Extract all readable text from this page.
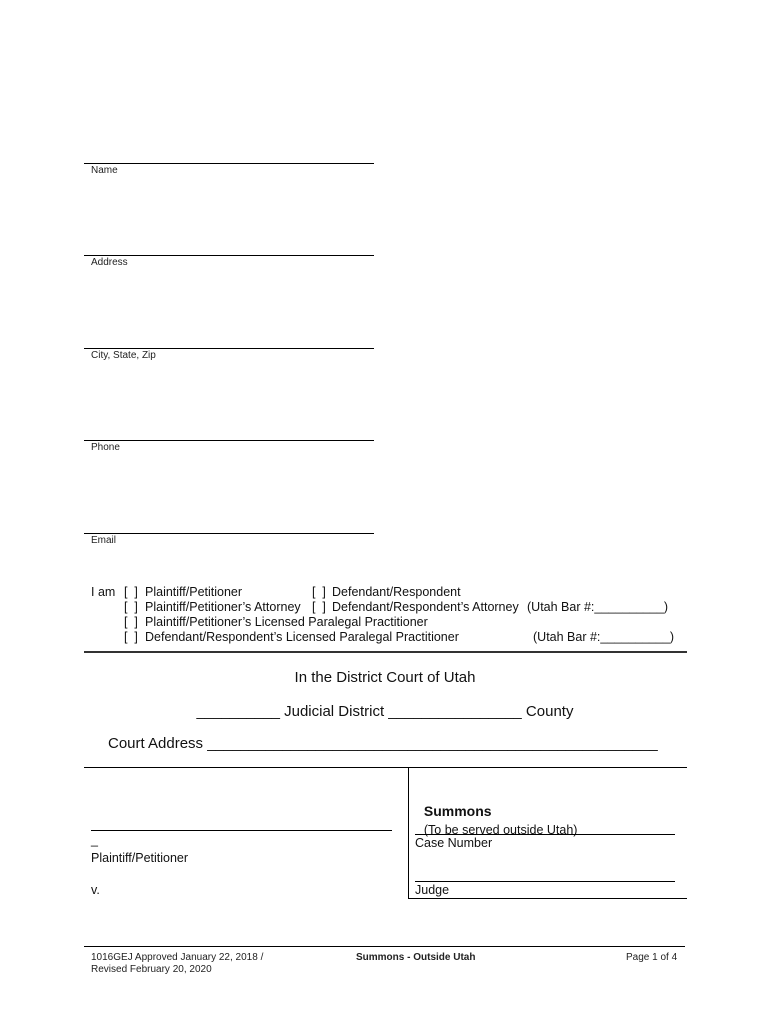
Name
Address
City, State, Zip
Phone
Email
I am [  ] Plaintiff/Petitioner	[  ] Defendant/Respondent
[  ] Plaintiff/Petitioner’s Attorney [  ] Defendant/Respondent’s Attorney (Utah Bar #:__________)
[  ] Plaintiff/Petitioner’s Licensed Paralegal Practitioner
[  ] Defendant/Respondent’s Licensed Paralegal Practitioner	(Utah Bar #:__________)
In the District Court of Utah
__________ Judicial District ________________ County
Court Address ______________________________________________________
_
Plaintiff/Petitioner
v.

Summons
(To be served outside Utah)

Case Number
Judge
1016GEJ Approved January 22, 2018 /
Revised February 20, 2020
Summons - Outside Utah	Page 1 of 4
